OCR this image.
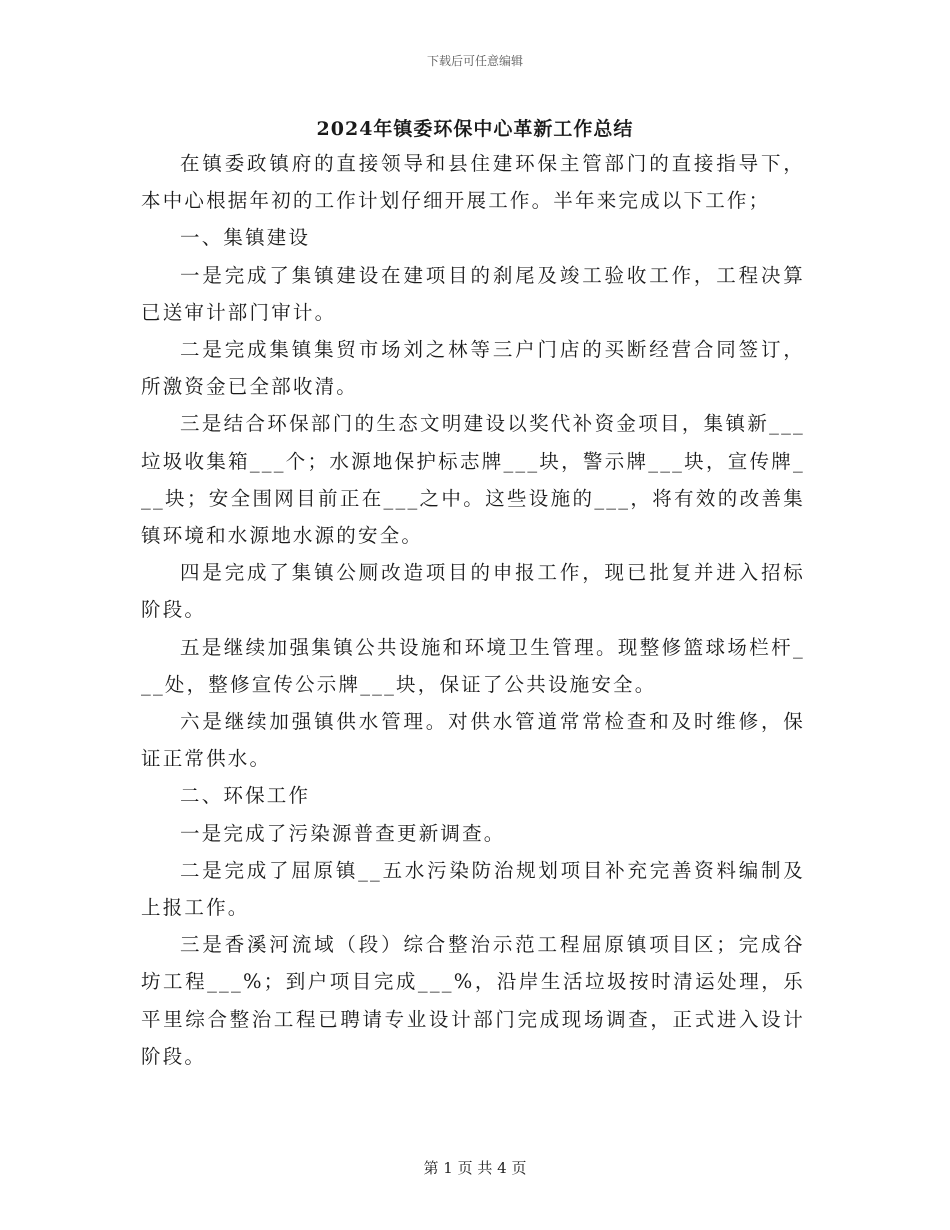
下载后可任意编辑
2024年镇委环保中心革新工作总结

在镇委政镇府的直接领导和县住建环保主管部门的直接指导下，本中心根据年初的工作计划仔细开展工作。半年来完成以下工作；

一、集镇建设

一是完成了集镇建设在建项目的刹尾及竣工验收工作，工程决算已送审计部门审计。

二是完成集镇集贸市场刘之林等三户门店的买断经营合同签订，所激资金已全部收清。

三是结合环保部门的生态文明建设以奖代补资金项目，集镇新___垃圾收集箱___个；水源地保护标志牌___块，警示牌___块，宣传牌___块；安全围网目前正在___之中。这些设施的___，将有效的改善集镇环境和水源地水源的安全。

四是完成了集镇公厕改造项目的申报工作，现已批复并进入招标阶段。

五是继续加强集镇公共设施和环境卫生管理。现整修篮球场栏杆___处，整修宣传公示牌___块，保证了公共设施安全。

六是继续加强镇供水管理。对供水管道常常检查和及时维修，保证正常供水。

二、环保工作

一是完成了污染源普查更新调查。

二是完成了屈原镇__五水污染防治规划项目补充完善资料编制及上报工作。

三是香溪河流域（段）综合整治示范工程屈原镇项目区；完成谷坊工程___%；到户项目完成___%，沿岸生活垃圾按时清运处理，乐平里综合整治工程已聘请专业设计部门完成现场调查，正式进入设计阶段。

第 1 页 共 4 页
